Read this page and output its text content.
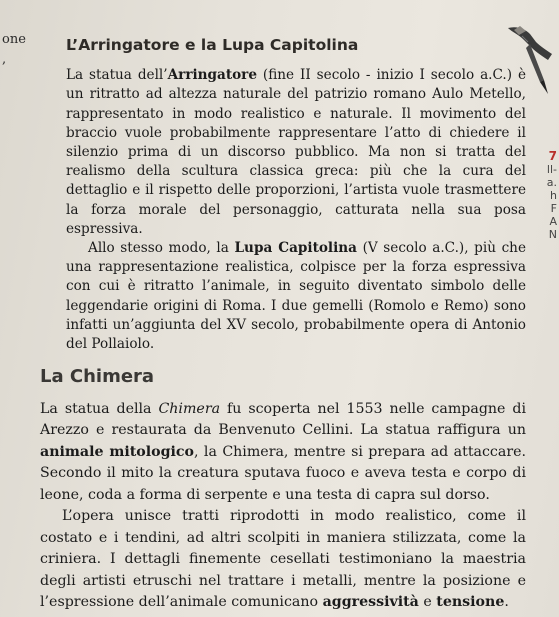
one
,
7
ll-
a.
h
F
A
N
L’Arringatore e la Lupa Capitolina

La statua dell’Arringatore (fine II secolo - inizio I secolo a.C.) è un ritratto ad altezza naturale del patrizio romano Aulo Metello, rappresentato in modo realistico e naturale. Il movimento del braccio vuole probabilmente rappresentare l’atto di chiedere il silenzio prima di un discorso pubblico. Ma non si tratta del realismo della scultura classica greca: più che la cura del dettaglio e il rispetto delle proporzioni, l’artista vuole trasmettere la forza morale del personaggio, catturata nella sua posa espressiva.

Allo stesso modo, la Lupa Capitolina (V secolo a.C.), più che una rappresentazione realistica, colpisce per la forza espressiva con cui è ritratto l’animale, in seguito diventato simbolo delle leggendarie origini di Roma. I due gemelli (Romolo e Remo) sono infatti un’aggiunta del XV secolo, probabilmente opera di Antonio del Pollaiolo.

La Chimera

La statua della Chimera fu scoperta nel 1553 nelle campagne di Arezzo e restaurata da Benvenuto Cellini. La statua raffigura un animale mitologico, la Chimera, mentre si prepara ad attaccare. Secondo il mito la creatura sputava fuoco e aveva testa e corpo di leone, coda a forma di serpente e una testa di capra sul dorso.

L’opera unisce tratti riprodotti in modo realistico, come il costato e i tendini, ad altri scolpiti in maniera stilizzata, come la criniera. I dettagli finemente cesellati testimoniano la maestria degli artisti etruschi nel trattare i metalli, mentre la posizione e l’espressione dell’animale comunicano aggressività e tensione.
